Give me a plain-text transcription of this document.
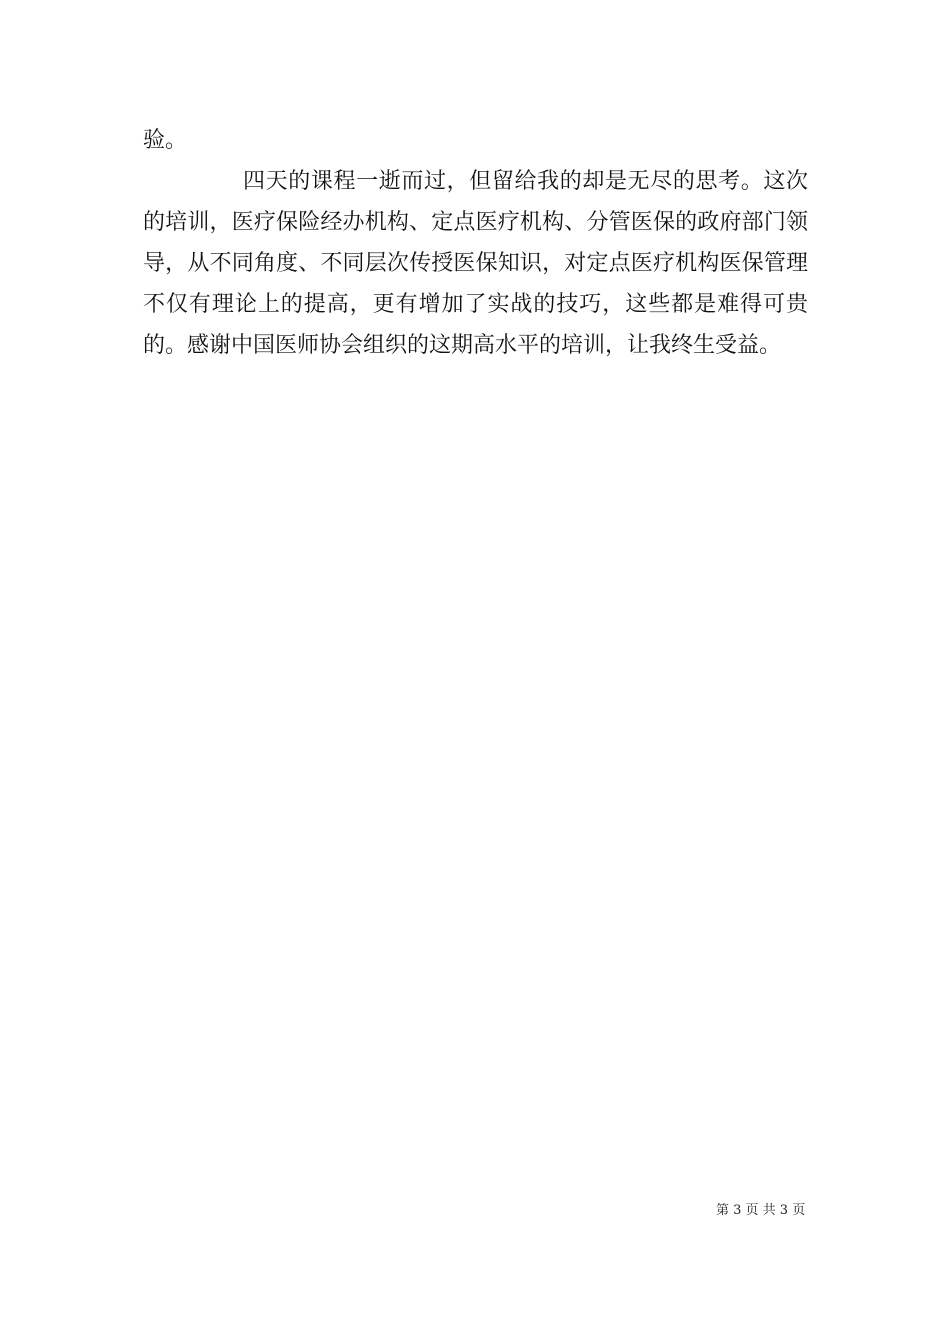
验。

四天的课程一逝而过，但留给我的却是无尽的思考。这次的培训，医疗保险经办机构、定点医疗机构、分管医保的政府部门领导，从不同角度、不同层次传授医保知识，对定点医疗机构医保管理不仅有理论上的提高，更有增加了实战的技巧，这些都是难得可贵的。感谢中国医师协会组织的这期高水平的培训，让我终生受益。

第 3 页 共 3 页
